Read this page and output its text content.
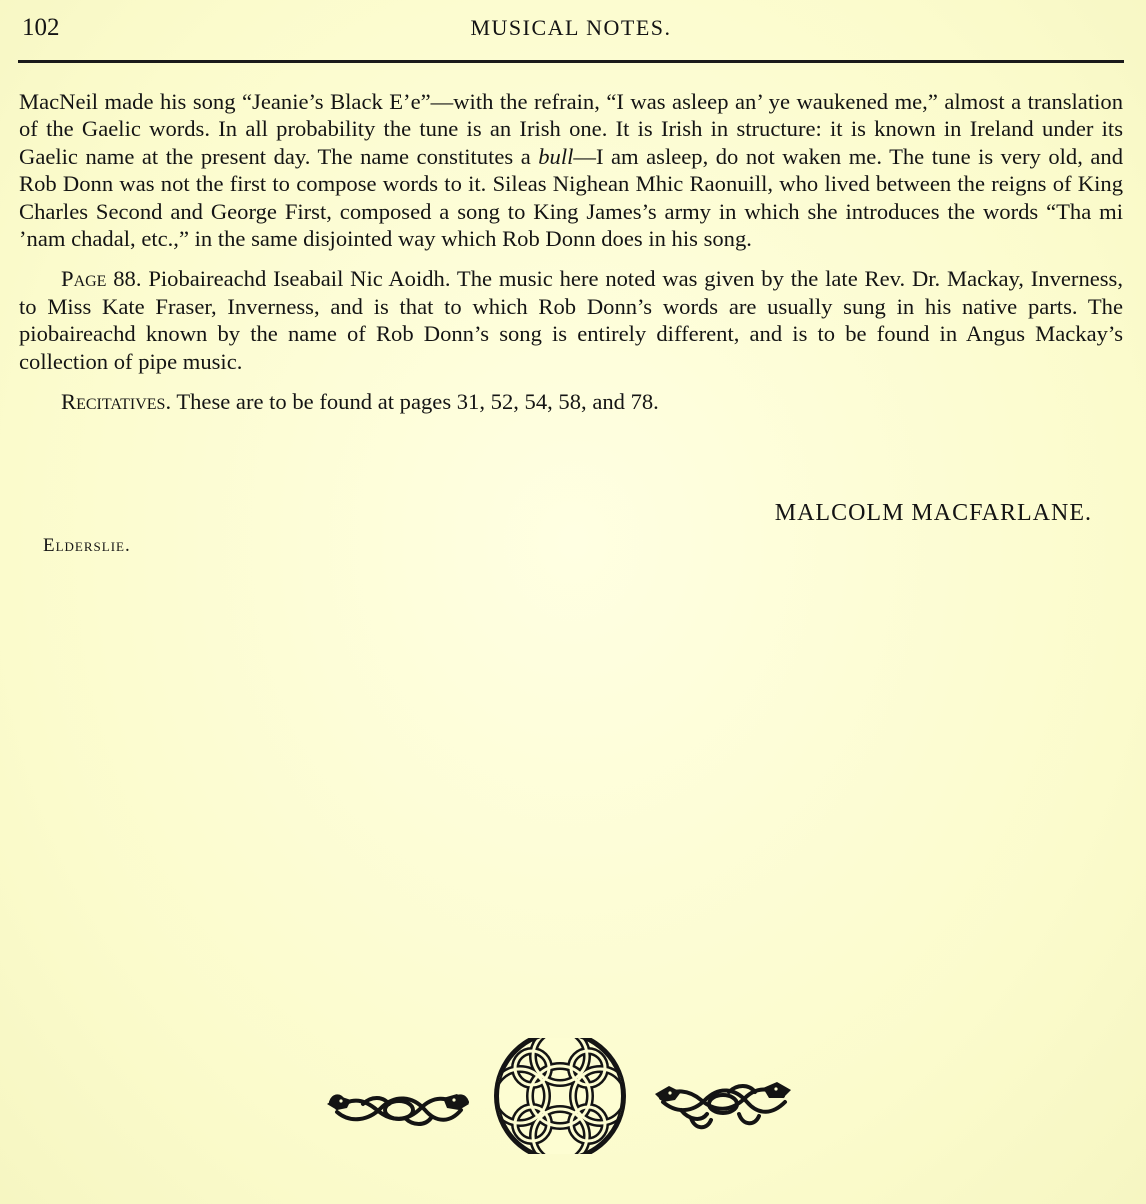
102	MUSICAL NOTES.

MacNeil made his song “Jeanie’s Black E’e”—with the refrain, “I was asleep an’ ye waukened me,” almost a translation of the Gaelic words. In all probability the tune is an Irish one. It is Irish in structure: it is known in Ireland under its Gaelic name at the present day. The name constitutes a bull—I am asleep, do not waken me. The tune is very old, and Rob Donn was not the first to compose words to it. Sileas Nighean Mhic Raonuill, who lived between the reigns of King Charles Second and George First, composed a song to King James’s army in which she introduces the words “Tha mi ’nam chadal, etc.,” in the same disjointed way which Rob Donn does in his song.

Page 88. Piobaireachd Iseabail Nic Aoidh. The music here noted was given by the late Rev. Dr. Mackay, Inverness, to Miss Kate Fraser, Inverness, and is that to which Rob Donn’s words are usually sung in his native parts. The piobaireachd known by the name of Rob Donn’s song is entirely different, and is to be found in Angus Mackay’s collection of pipe music.

Recitatives. These are to be found at pages 31, 52, 54, 58, and 78.

MALCOLM MACFARLANE.
Elderslie.
